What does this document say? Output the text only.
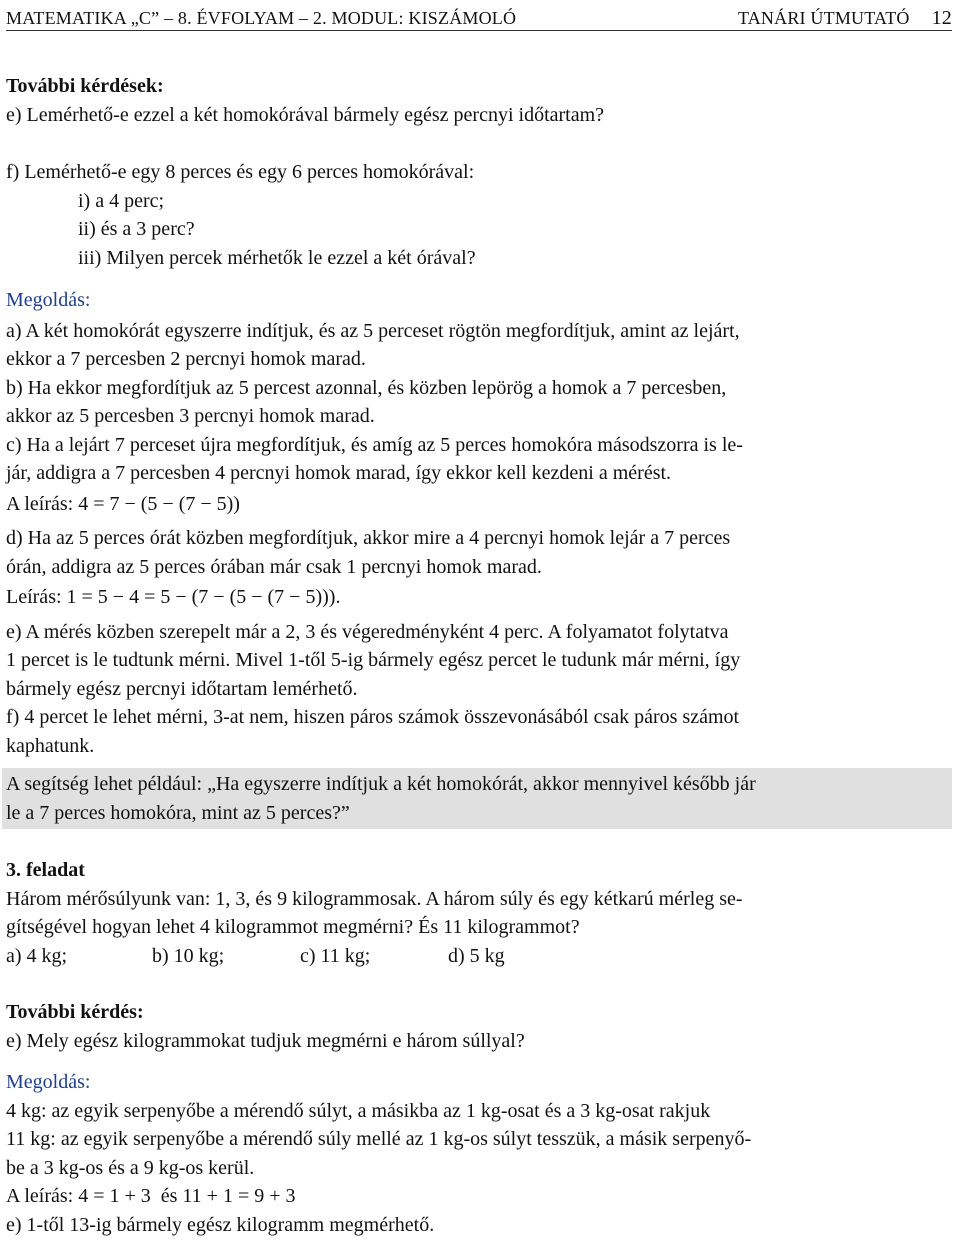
MATEMATIKA „C” – 8. ÉVFOLYAM – 2. MODUL: KISZÁMOLÓ	TANÁRI ÚTMUTATÓ 12
További kérdések:
e) Lemérhető-e ezzel a két homokórával bármely egész percnyi időtartam?
f) Lemérhető-e egy 8 perces és egy 6 perces homokórával:
i) a 4 perc;
ii) és a 3 perc?
iii) Milyen percek mérhetők le ezzel a két órával?
Megoldás:
a) A két homokórát egyszerre indítjuk, és az 5 perceset rögtön megfordítjuk, amint az lejárt,
ekkor a 7 percesben 2 percnyi homok marad.
b) Ha ekkor megfordítjuk az 5 percest azonnal, és közben lepörög a homok a 7 percesben,
akkor az 5 percesben 3 percnyi homok marad.
c) Ha a lejárt 7 perceset újra megfordítjuk, és amíg az 5 perces homokóra másodszorra is le-
jár, addigra a 7 percesben 4 percnyi homok marad, így ekkor kell kezdeni a mérést.
A leírás: 4 = 7 − (5 − (7 − 5))
d) Ha az 5 perces órát közben megfordítjuk, akkor mire a 4 percnyi homok lejár a 7 perces
órán, addigra az 5 perces órában már csak 1 percnyi homok marad.
Leírás: 1 = 5 − 4 = 5 − (7 − (5 − (7 − 5))).
e) A mérés közben szerepelt már a 2, 3 és végeredményként 4 perc. A folyamatot folytatva
1 percet is le tudtunk mérni. Mivel 1-től 5-ig bármely egész percet le tudunk már mérni, így
bármely egész percnyi időtartam lemérhető.
f) 4 percet le lehet mérni, 3-at nem, hiszen páros számok összevonásából csak páros számot
kaphatunk.
A segítség lehet például: „Ha egyszerre indítjuk a két homokórát, akkor mennyivel később jár
le a 7 perces homokóra, mint az 5 perces?”
3. feladat
Három mérősúlyunk van: 1, 3, és 9 kilogrammosak. A három súly és egy kétkarú mérleg se-
gítségével hogyan lehet 4 kilogrammot megmérni? És 11 kilogrammot?
a) 4 kg;	b) 10 kg;	c) 11 kg;	d) 5 kg
További kérdés:
e) Mely egész kilogrammokat tudjuk megmérni e három súllyal?
Megoldás:
4 kg: az egyik serpenyőbe a mérendő súlyt, a másikba az 1 kg-osat és a 3 kg-osat rakjuk
11 kg: az egyik serpenyőbe a mérendő súly mellé az 1 kg-os súlyt tesszük, a másik serpenyő-
be a 3 kg-os és a 9 kg-os kerül.
A leírás: 4 = 1 + 3  és 11 + 1 = 9 + 3
e) 1-től 13-ig bármely egész kilogramm megmérhető.
